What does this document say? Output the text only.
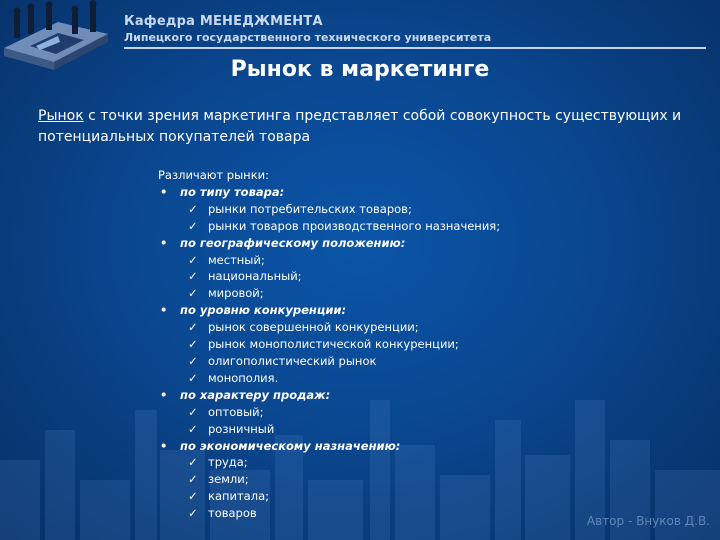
Кафедра МЕНЕДЖМЕНТА
Липецкого государственного технического университета
Рынок в маркетинге
Рынок с точки зрения маркетинга представляет собой совокупность существующих и потенциальных покупателей товара
Различают рынки:
• по типу товара:
✓ рынки потребительских товаров;
✓ рынки товаров производственного назначения;
• по географическому положению:
✓ местный;
✓ национальный;
✓ мировой;
• по уровню конкуренции:
✓ рынок совершенной конкуренции;
✓ рынок монополистической конкуренции;
✓ олигополистический рынок
✓ монополия.
• по характеру продаж:
✓ оптовый;
✓ розничный
• по экономическому назначению:
✓ труда;
✓ земли;
✓ капитала;
✓ товаров
Автор - Внуков Д.В.
